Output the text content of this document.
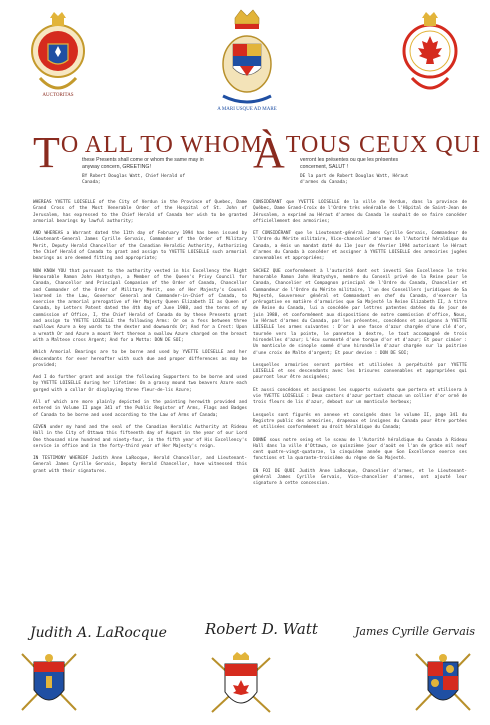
AUCTORITAS
A MARI USQUE AD MARE
TO ALL TO WHOM
these Presents shall come or whom the same may in
anyway concern, GREETING!
BY Robert Douglas Watt, Chief Herald of
Canada;
ÀTOUS CEUX QUI
verront les présentes ou que les présentes
concernent, SALUT !
DE la part de Robert Douglas Watt, Héraut
d'armes du Canada;

WHEREAS YVETTE LOISELLE of the City of Verdun in the Province of Quebec, Dame Grand Cross of the Most Venerable Order of the Hospital of St. John of Jerusalem, has expressed to the Chief Herald of Canada her wish to be granted armorial bearings by lawful authority;

AND WHEREAS a Warrant dated the 11th day of February 1994 has been issued by Lieutenant-General James Cyrille Gervais, Commander of the Order of Military Merit, Deputy Herald Chancellor of the Canadian Heraldic Authority, Authorizing the Chief Herald of Canada to grant and assign to YVETTE LOISELLE such armorial bearings as are deemed fitting and appropriate;

NOW KNOW YOU that pursuant to the authority vested in his Excellency the Right Honourable Ramon John Hnatyshyn, a Member of the Queen's Privy Council for Canada, Chancellor and Principal Companion of the Order of Canada, Chancellor and Commander of the Order of Military Merit, one of Her Majesty's Counsel learned in the Law, Governor General and Commander-in-Chief of Canada, to exercise the armorial prerogative of Her Majesty Queen Elizabeth II as Queen of Canada, by Letters Patent dated the 4th day of June 1988, and the terms of my commission of Office, I, the Chief Herald of Canada do by these Presents grant and assign to YVETTE LOISELLE the following Arms: Or on a fess between three swallows Azure a key wards to the dexter and downwards Or; And for a Crest: Upon a wreath Or and Azure a mount Vert thereon a swallow Azure charged on the breast with a Maltese cross Argent; And for a Motto: DON DE SOI;

Which Armorial Bearings are to be borne and used by YVETTE LOISELLE and her descendants for ever hereafter with such due and proper differences as may be provided;

And I do further grant and assign the following Supporters to be borne and used by YVETTE LOISELLE during her lifetime: On a grassy mound two beavers Azure each gorged with a collar Or displaying three fleur-de-lis Azure;

All of which are more plainly depicted in the painting herewith provided and entered in Volume II page 341 of the Public Register of Arms, Flags and Badges of Canada to be borne and used according to the Law of Arms of Canada;

GIVEN under my hand and the seal of the Canadian Heraldic Authority at Rideau Hall in the City of Ottawa this fifteenth day of August in the year of our Lord One thousand nine hundred and ninety-four, in the fifth year of His Excellency's service in office and in the forty-third year of Her Majesty's reign.

IN TESTIMONY WHEREOF Judith Anne LaRocque, Herald Chancellor, and Lieutenant-General James Cyrille Gervais, Deputy Herald Chancellor, have witnessed this grant with their signatures.

CONSIDÉRANT que YVETTE LOISELLE de la ville de Verdun, dans la province de Québec, Dame Grand-Croix de l'Ordre très vénérable de l'Hôpital de Saint-Jean de Jérusalem, a exprimé au Héraut d'armes du Canada le souhait de se faire concéder officiellement des armoiries;

ET CONSIDÉRANT que le Lieutenant-général James Cyrille Gervais, Commandeur de l'Ordre du Mérite militaire, Vice-chancelier d'armes de l'Autorité héraldique du Canada, a émis un mandat daté du 11e jour de février 1994 autorisant le Héraut d'armes du Canada à concéder et assigner à YVETTE LOISELLE des armoiries jugées convenables et appropriées;

SACHEZ QUE conformément à l'autorité dont est investi Son Excellence le très honorable Ramon John Hnatyshyn, membre du Conseil privé de la Reine pour le Canada, Chancelier et Compagnon principal de l'Ordre du Canada, Chancelier et Commandeur de l'Ordre du Mérite militaire, l'un des Conseillers juridiques de Sa Majesté, Gouverneur général et Commandant en chef du Canada, d'exercer la prérogative en matière d'armoiries que Sa Majesté la Reine Elizabeth II, à titre de Reine du Canada, lui a concédée par lettres patentes datées du 4e jour de juin 1988, et conformément aux dispositions de notre commission d'office, Nous, le Héraut d'armes du Canada, par les présentes, concédons et assignons à YVETTE LOISELLE les armes suivantes : D'or à une fasce d'azur chargée d'une clé d'or, tournée vers la pointe, le panneton à dextre, le tout accompagné de trois hirondelles d'azur; L'écu surmonté d'une torque d'or et d'azur; Et pour cimier : Un monticule de sinople sommé d'une hirondelle d'azur chargée sur la poitrine d'une croix de Malte d'argent; Et pour devise : DON DE SOI;

Lesquelles armoiries seront portées et utilisées à perpétuité par YVETTE LOISELLE et ses descendants avec les brisures convenables et appropriées qui pourront leur être assignées;

Et aussi concédons et assignons les supports suivants que portera et utilisera à vie YVETTE LOISELLE : Deux castors d'azur portant chacun un collier d'or orné de trois fleurs de lis d'azur, debout sur un monticule herbeux;

Lesquels sont figurés en annexe et consignés dans le volume II, page 341 du Registre public des armoiries, drapeaux et insignes du Canada pour être portées et utilisées conformément au droit héraldique du Canada;

DONNÉ sous notre seing et le sceau de l'Autorité héraldique du Canada à Rideau Hall dans la ville d'Ottawa, ce quinzième jour d'août en l'an de grâce mil neuf cent quatre-vingt-quatorze, la cinquième année que Son Excellence exerce ses fonctions et la quarante-troisième du règne de Sa Majesté.

EN FOI DE QUOI Judith Anne LaRocque, Chancelier d'armes, et le Lieutenant-général James Cyrille Gervais, Vice-chancelier d'armes, ont ajouté leur signature à cette concession.

Judith A. LaRocque	Robert D. Watt	James Cyrille Gervais
